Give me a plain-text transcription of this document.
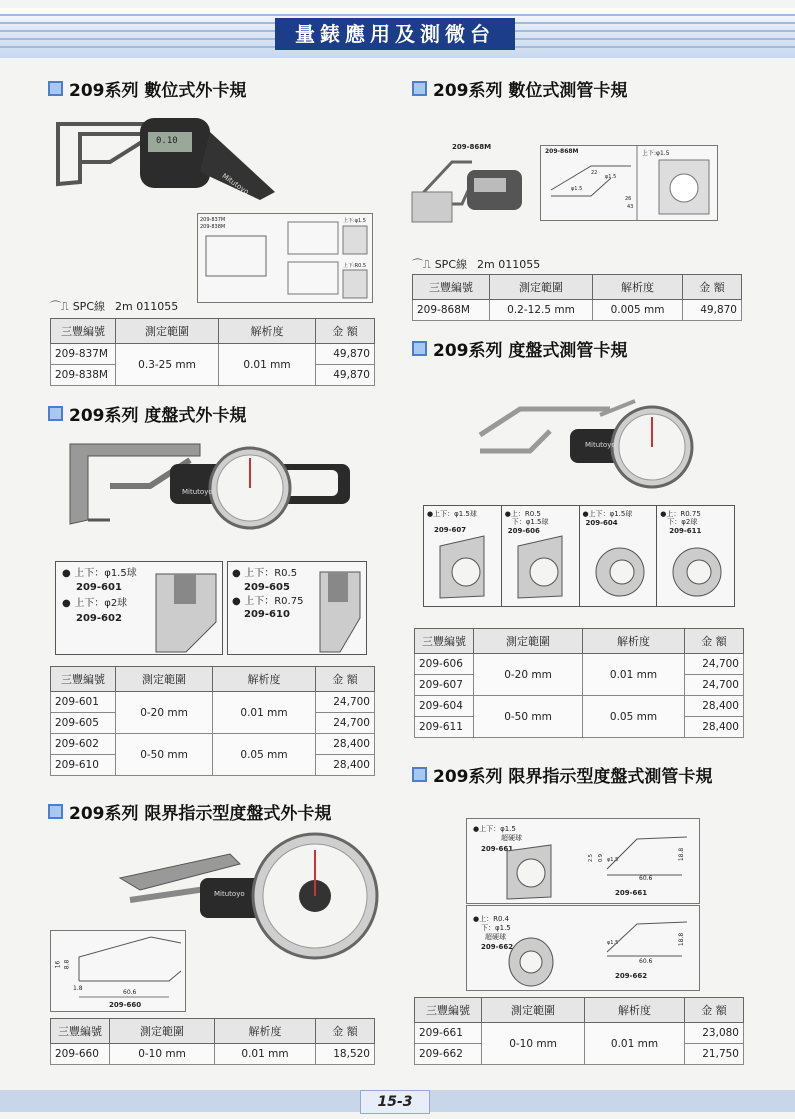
量錶應用及測微台
209系列 數位式外卡規
0.10
Mitutoyo
209-837M
209-838M
上下:φ1.5
上下:R0.5
⌒⎍ SPC線 2m 011055
三豐編號	測定範圍	解析度	金 額
209-837M	0.3-25 mm	0.01 mm	49,870
209-838M			49,870
209系列 數位式測管卡規
209-868M
209-868M	上下:φ1.5
φ1.5
22
φ1.5
26
43
⌒⎍ SPC線 2m 011055
三豐編號	測定範圍	解析度	金 額
209-868M	0.2-12.5 mm	0.005 mm	49,870
209系列 度盤式外卡規
Mitutoyo
● 上下：φ1.5球
209-601
● 上下：φ2球
209-602
● 上下：R0.5
209-605
● 上下：R0.75
209-610
三豐編號	測定範圍	解析度	金 額
209-601	0-20 mm	0.01 mm	24,700
209-605			24,700
209-602	0-50 mm	0.05 mm	28,400
209-610			28,400
209系列 度盤式測管卡規
Mitutoyo
●上下：φ1.5球
209-607
●上：R0.5
下：φ1.5球
209-606
●上下：φ1.5球
209-604
●上：R0.75
下：φ2球
209-611
三豐編號	測定範圍	解析度	金 額
209-606	0-20 mm	0.01 mm	24,700
209-607			24,700
209-604	0-50 mm	0.05 mm	28,400
209-611			28,400
209系列 限界指示型度盤式外卡規
Mitutoyo
16 8.8
1.8
60.6
209-660
三豐編號	測定範圍	解析度	金 額
209-660	0-10 mm	0.01 mm	18,520
209系列 限界指示型度盤式測管卡規
●上下：φ1.5
超硬球
209-661
2.5 0.9 φ1.5	18.8
60.6
209-661
●上：R0.4
下：φ1.5
超硬球
209-662	φ1.5	18.8
60.6
209-662
三豐編號	測定範圍	解析度	金 額
209-661	0-10 mm	0.01 mm	23,080
209-662			21,750
15-3
